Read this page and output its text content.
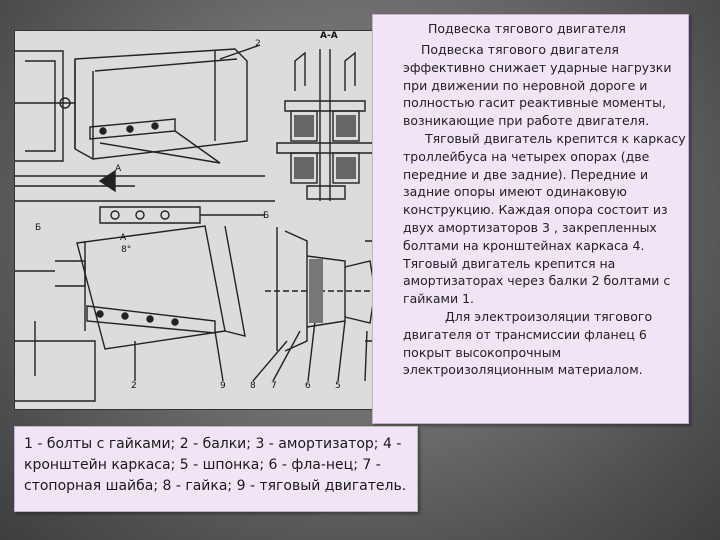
А-А
2
А
Б
Б
А
8°
2	9	8 7	6	5
Подвеска тягового двигателя

Подвеска тягового двигателя эффективно снижает ударные нагрузки при движении по неровной дороге и полностью гасит реактивные моменты, возникающие при работе двигателя.

Тяговый двигатель крепится к каркасу троллейбуса на четырех опорах (две передние и две задние). Передние и задние опоры имеют одинаковую конструкцию. Каждая опора состоит из двух амортизаторов 3 , закрепленных болтами на кронштейнах каркаса 4. Тяговый двигатель крепится на амортизаторах через балки 2 болтами с гайками 1.

Для электроизоляции тягового двигателя от трансмиссии фланец 6 покрыт высокопрочным электроизоляционным материалом.

1 - болты с гайками; 2 - балки; 3 - амортизатор; 4 - кронштейн каркаса; 5 - шпонка; 6 - фла-нец; 7 - стопорная шайба; 8 - гайка; 9 - тяговый двигатель.
